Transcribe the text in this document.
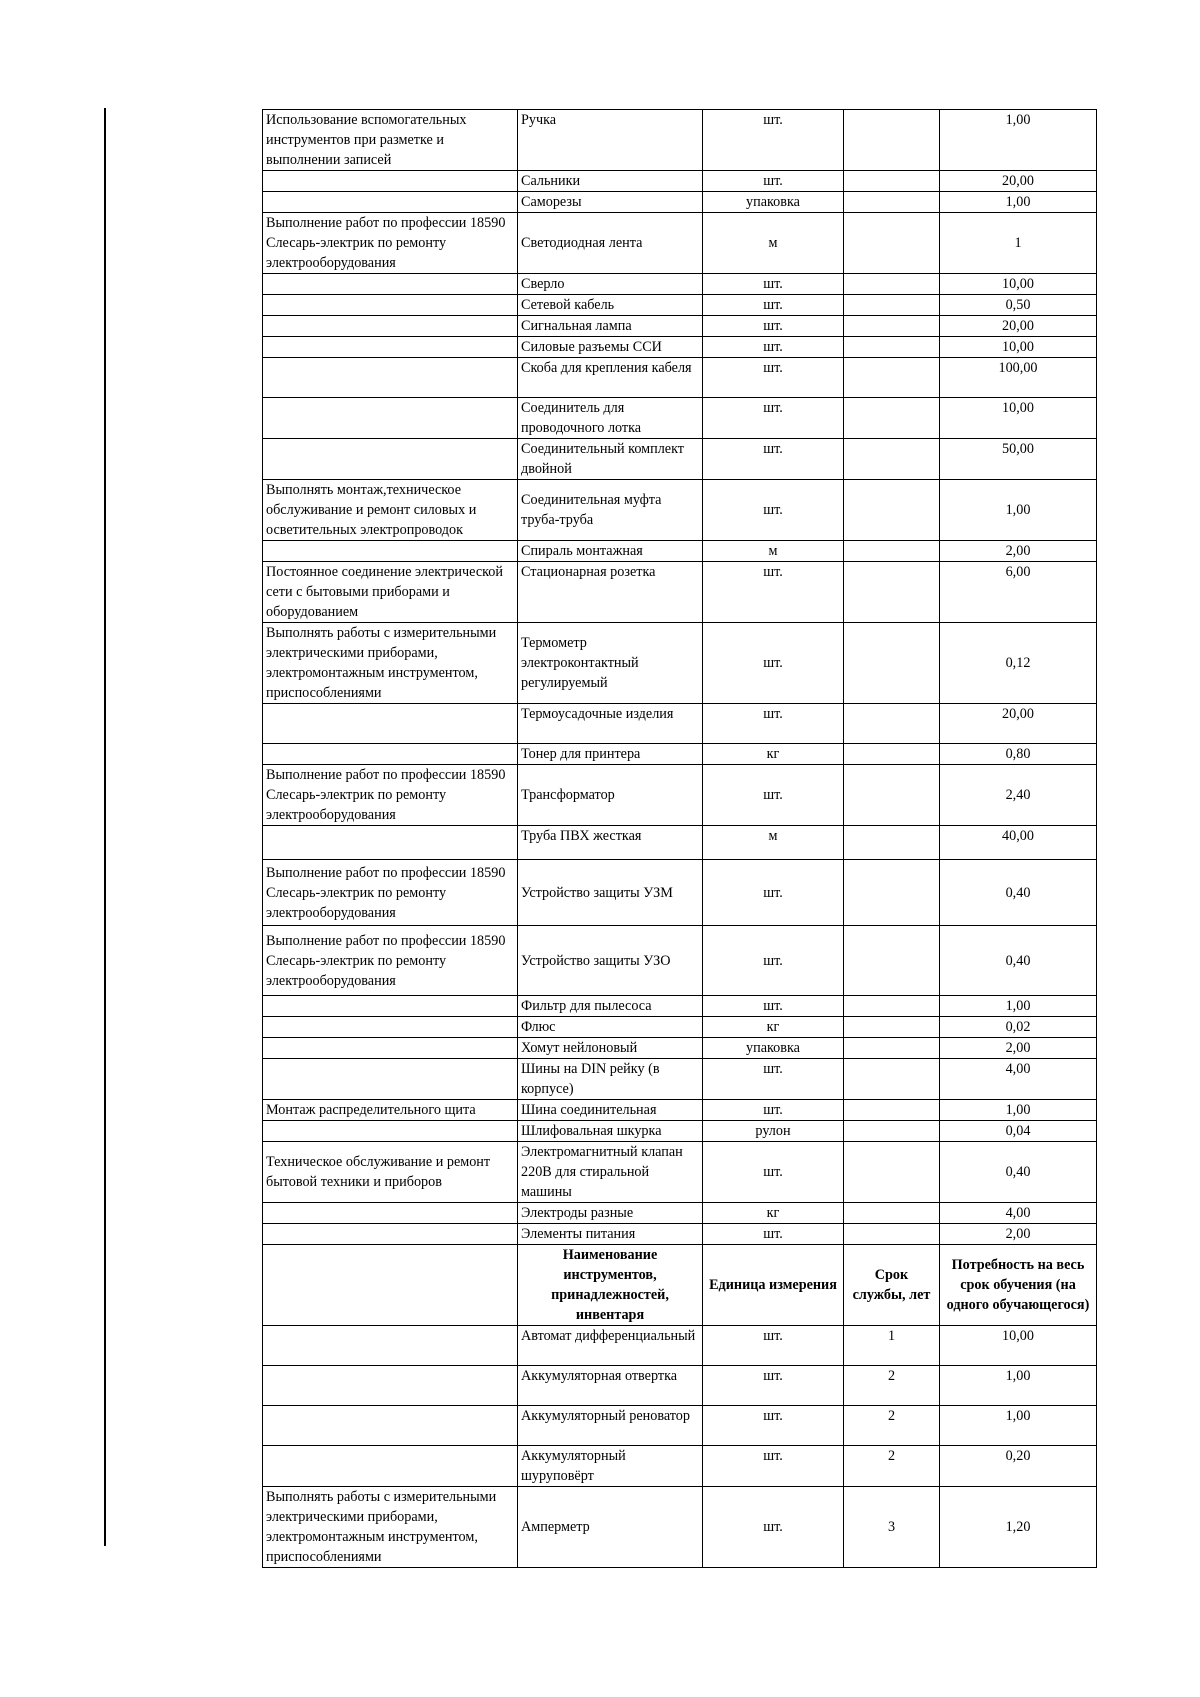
Использование вспомогательных инструментов при разметке и выполнении записей	Ручка	шт.		1,00
	Сальники	шт.		20,00
	Саморезы	упаковка		1,00
Выполнение работ по профессии 18590 Слесарь-электрик по ремонту электрооборудования	Светодиодная лента	м		1
	Сверло	шт.		10,00
	Сетевой кабель	шт.		0,50
	Сигнальная лампа	шт.		20,00
	Силовые разъемы ССИ	шт.		10,00
	Скоба для крепления кабеля	шт.		100,00
	Соединитель для проводочного лотка	шт.		10,00
	Соединительный комплект двойной	шт.		50,00
Выполнять монтаж,техническое обслуживание и ремонт силовых и осветительных электропроводок	Соединительная муфта труба-труба	шт.		1,00
	Спираль монтажная	м		2,00
Постоянное соединение электрической сети с бытовыми приборами и оборудованием	Стационарная розетка	шт.		6,00
Выполнять работы с измерительными электрическими приборами, электромонтажным инструментом, приспособлениями	Термометр электроконтактный регулируемый	шт.		0,12
	Термоусадочные изделия	шт.		20,00
	Тонер для принтера	кг		0,80
Выполнение работ по профессии 18590 Слесарь-электрик по ремонту электрооборудования	Трансформатор	шт.		2,40
	Труба ПВХ жесткая	м		40,00
Выполнение работ по профессии 18590 Слесарь-электрик по ремонту электрооборудования	Устройство защиты УЗМ	шт.		0,40
Выполнение работ по профессии 18590 Слесарь-электрик по ремонту электрооборудования	Устройство защиты УЗО	шт.		0,40
	Фильтр для пылесоса	шт.		1,00
	Флюс	кг		0,02
	Хомут нейлоновый	упаковка		2,00
	Шины на DIN рейку (в корпусе)	шт.		4,00
Монтаж распределительного щита	Шина соединительная	шт.		1,00
	Шлифовальная шкурка	рулон		0,04
Техническое обслуживание и ремонт бытовой техники и приборов	Электромагнитный клапан 220В для стиральной машины	шт.		0,40
	Электроды разные	кг		4,00
	Элементы питания	шт.		2,00
	Наименование инструментов, принадлежностей, инвентаря	Единица измерения	Срок службы, лет	Потребность на весь срок обучения (на одного обучающегося)
	Автомат дифференциальный	шт.	1	10,00
	Аккумуляторная отвертка	шт.	2	1,00
	Аккумуляторный реноватор	шт.	2	1,00
	Аккумуляторный шуруповёрт	шт.	2	0,20
Выполнять работы с измерительными электрическими приборами, электромонтажным инструментом, приспособлениями	Амперметр	шт.	3	1,20
